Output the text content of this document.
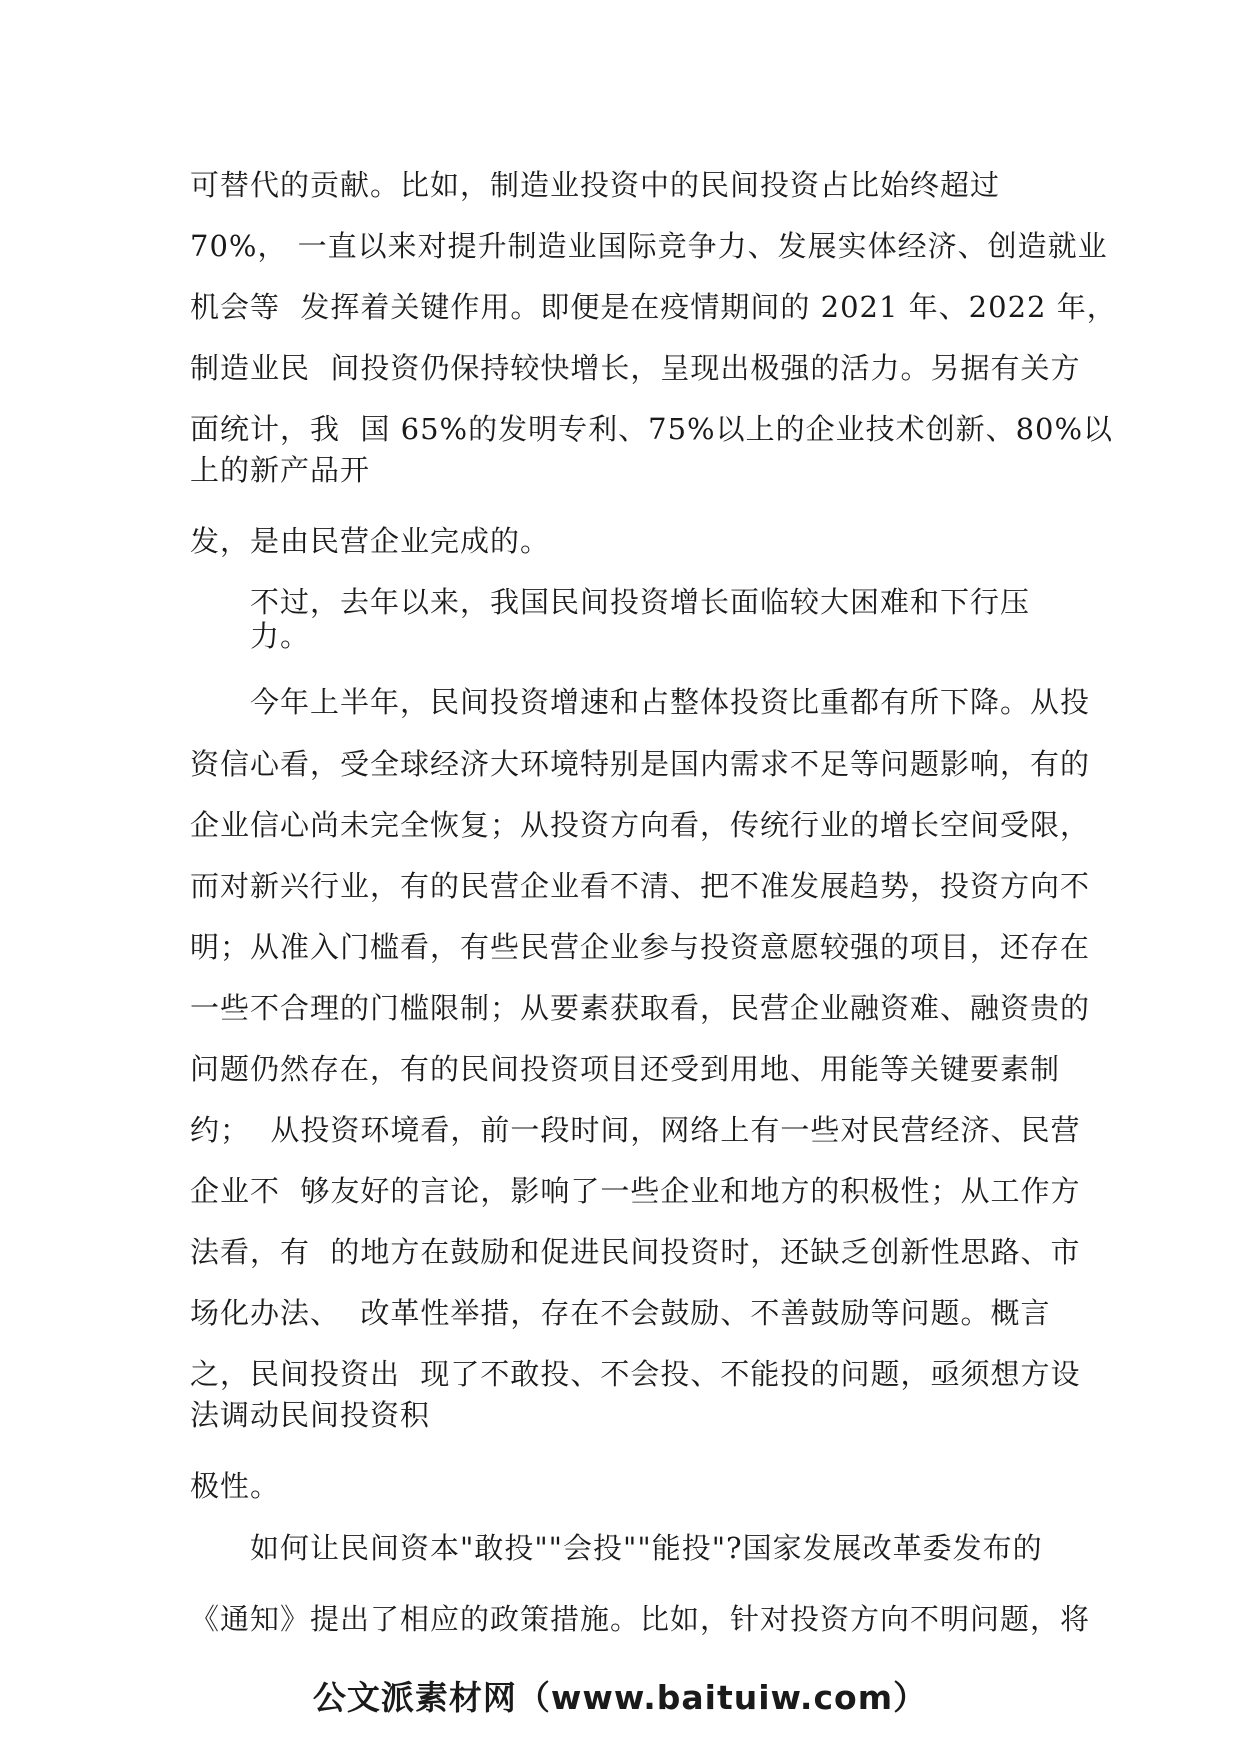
可替代的贡献。比如，制造业投资中的民间投资占比始终超过
70%， 一直以来对提升制造业国际竞争力、发展实体经济、创造就业
机会等  发挥着关键作用。即便是在疫情期间的 2021 年、2022 年，
制造业民  间投资仍保持较快增长，呈现出极强的活力。另据有关方
面统计，我  国 65%的发明专利、75%以上的企业技术创新、80%以
上的新产品开
发，是由民营企业完成的。
不过，去年以来，我国民间投资增长面临较大困难和下行压
力。
今年上半年，民间投资增速和占整体投资比重都有所下降。从投
资信心看，受全球经济大环境特别是国内需求不足等问题影响，有的
企业信心尚未完全恢复；从投资方向看，传统行业的增长空间受限，
而对新兴行业，有的民营企业看不清、把不准发展趋势，投资方向不
明；从准入门槛看，有些民营企业参与投资意愿较强的项目，还存在
一些不合理的门槛限制；从要素获取看，民营企业融资难、融资贵的
问题仍然存在，有的民间投资项目还受到用地、用能等关键要素制
约；  从投资环境看，前一段时间，网络上有一些对民营经济、民营
企业不  够友好的言论，影响了一些企业和地方的积极性；从工作方
法看，有  的地方在鼓励和促进民间投资时，还缺乏创新性思路、市
场化办法、  改革性举措，存在不会鼓励、不善鼓励等问题。概言
之，民间投资出  现了不敢投、不会投、不能投的问题，亟须想方设
法调动民间投资积
极性。
如何让民间资本"敢投""会投""能投"?国家发展改革委发布的
《通知》提出了相应的政策措施。比如，针对投资方向不明问题，将
公文派素材网（www.baituiw.com）
